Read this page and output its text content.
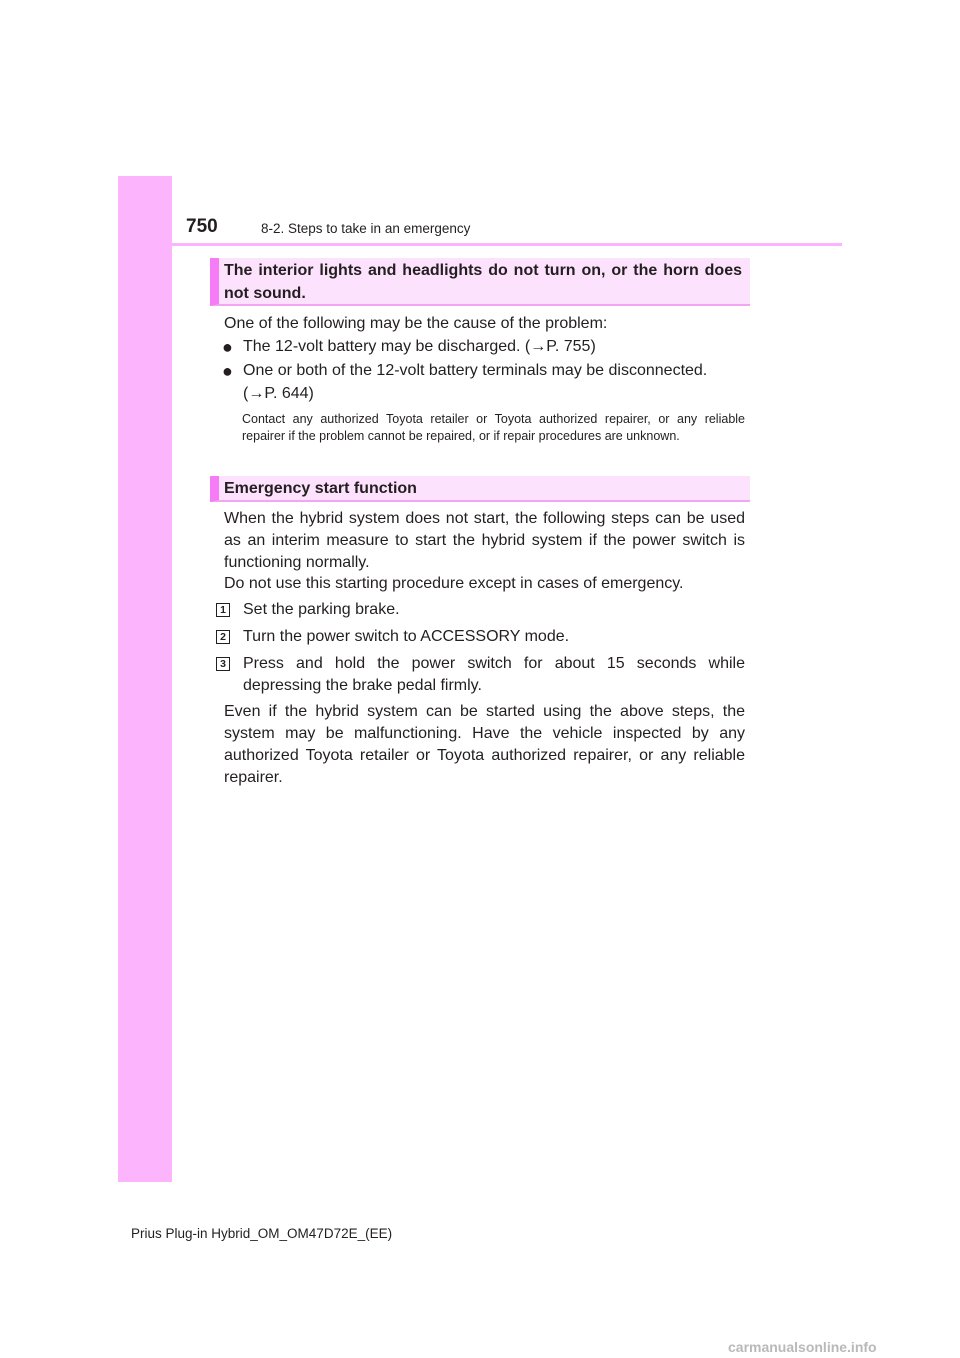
750	8-2. Steps to take in an emergency
The interior lights and headlights do not turn on, or the horn does not sound.
One of the following may be the cause of the problem:
● The 12-volt battery may be discharged. (→P. 755)
● One or both of the 12-volt battery terminals may be disconnected.
(→P. 644)
Contact any authorized Toyota retailer or Toyota authorized repairer, or any reliable repairer if the problem cannot be repaired, or if repair procedures are unknown.
Emergency start function
When the hybrid system does not start, the following steps can be used as an interim measure to start the hybrid system if the power switch is functioning normally.
Do not use this starting procedure except in cases of emergency.
1 Set the parking brake.
2 Turn the power switch to ACCESSORY mode.
3 Press and hold the power switch for about 15 seconds while depressing the brake pedal firmly.
Even if the hybrid system can be started using the above steps, the system may be malfunctioning. Have the vehicle inspected by any authorized Toyota retailer or Toyota authorized repairer, or any reliable repairer.
Prius Plug-in Hybrid_OM_OM47D72E_(EE)
carmanualsonline.info
